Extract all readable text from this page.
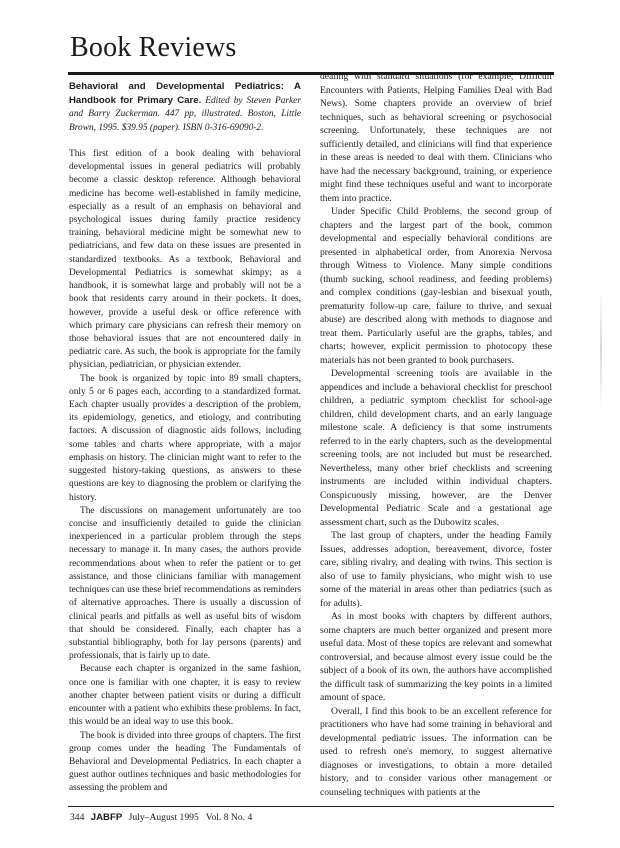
Book Reviews

Behavioral and Developmental Pediatrics: A Handbook for Primary Care. Edited by Steven Parker and Barry Zuckerman. 447 pp, illustrated. Boston, Little Brown, 1995. $39.95 (paper). ISBN 0-316-69090-2.

This first edition of a book dealing with behavioral developmental issues in general pediatrics will probably become a classic desktop reference. Although behavioral medicine has become well-established in family medicine, especially as a result of an emphasis on behavioral and psychological issues during family practice residency training, behavioral medicine might be somewhat new to pediatricians, and few data on these issues are presented in standardized textbooks. As a textbook, Behavioral and Developmental Pediatrics is somewhat skimpy; as a handbook, it is somewhat large and probably will not be a book that residents carry around in their pockets. It does, however, provide a useful desk or office reference with which primary care physicians can refresh their memory on those behavioral issues that are not encountered daily in pediatric care. As such, the book is appropriate for the family physician, pediatrician, or physician extender.

The book is organized by topic into 89 small chapters, only 5 or 6 pages each, according to a standardized format. Each chapter usually provides a description of the problem, its epidemiology, genetics, and etiology, and contributing factors. A discussion of diagnostic aids follows, including some tables and charts where appropriate, with a major emphasis on history. The clinician might want to refer to the suggested history-taking questions, as answers to these questions are key to diagnosing the problem or clarifying the history.

The discussions on management unfortunately are too concise and insufficiently detailed to guide the clinician inexperienced in a particular problem through the steps necessary to manage it. In many cases, the authors provide recommendations about when to refer the patient or to get assistance, and those clinicians familiar with management techniques can use these brief recommendations as reminders of alternative approaches. There is usually a discussion of clinical pearls and pitfalls as well as useful bits of wisdom that should be considered. Finally, each chapter has a substantial bibliography, both for lay persons (parents) and professionals, that is fairly up to date.

Because each chapter is organized in the same fashion, once one is familiar with one chapter, it is easy to review another chapter between patient visits or during a difficult encounter with a patient who exhibits these problems. In fact, this would be an ideal way to use this book.

The book is divided into three groups of chapters. The first group comes under the heading The Fundamentals of Behavioral and Developmental Pediatrics. In each chapter a guest author outlines techniques and basic methodologies for assessing the problem and

dealing with standard situations (for example, Difficult Encounters with Patients, Helping Families Deal with Bad News). Some chapters provide an overview of brief techniques, such as behavioral screening or psychosocial screening. Unfortunately, these techniques are not sufficiently detailed, and clinicians will find that experience in these areas is needed to deal with them. Clinicians who have had the necessary background, training, or experience might find these techniques useful and want to incorporate them into practice.

Under Specific Child Problems, the second group of chapters and the largest part of the book, common developmental and especially behavioral conditions are presented in alphabetical order, from Anorexia Nervosa through Witness to Violence. Many simple conditions (thumb sucking, school readiness, and feeding problems) and complex conditions (gay-lesbian and bisexual youth, prematurity follow-up care, failure to thrive, and sexual abuse) are described along with methods to diagnose and treat them. Particularly useful are the graphs, tables, and charts; however, explicit permission to photocopy these materials has not been granted to book purchasers.

Developmental screening tools are available in the appendices and include a behavioral checklist for preschool children, a pediatric symptom checklist for school-age children, child development charts, and an early language milestone scale. A deficiency is that some instruments referred to in the early chapters, such as the developmental screening tools, are not included but must be researched. Nevertheless, many other brief checklists and screening instruments are included within individual chapters. Conspicuously missing, however, are the Denver Developmental Pediatric Scale and a gestational age assessment chart, such as the Dubowitz scales.

The last group of chapters, under the heading Family Issues, addresses adoption, bereavement, divorce, foster care, sibling rivalry, and dealing with twins. This section is also of use to family physicians, who might wish to use some of the material in areas other than pediatrics (such as for adults).

As in most books with chapters by different authors, some chapters are much better organized and present more useful data. Most of these topics are relevant and somewhat controversial, and because almost every issue could be the subject of a book of its own, the authors have accomplished the difficult task of summarizing the key points in a limited amount of space.

Overall, I find this book to be an excellent reference for practitioners who have had some training in behavioral and developmental pediatric issues. The information can be used to refresh one's memory, to suggest alternative diagnoses or investigations, to obtain a more detailed history, and to consider various other management or counseling techniques with patients at the

344 JABFP July–August 1995   Vol. 8 No. 4
